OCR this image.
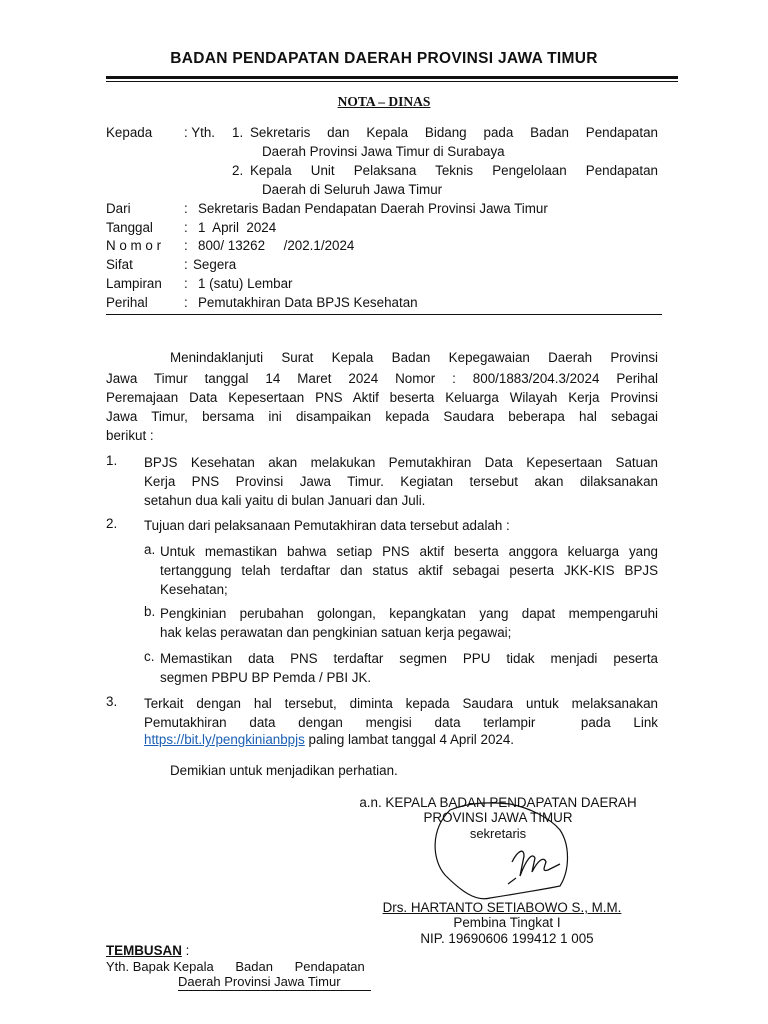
BADAN PENDAPATAN DAERAH PROVINSI JAWA TIMUR
NOTA – DINAS
Kepada : Yth. 1. Sekretaris dan Kepala Bidang pada Badan Pendapatan
Daerah Provinsi Jawa Timur di Surabaya
2. Kepala Unit Pelaksana Teknis Pengelolaan Pendapatan
Daerah di Seluruh Jawa Timur
Dari	: Sekretaris Badan Pendapatan Daerah Provinsi Jawa Timur
Tanggal : 1  April  2024
N o m o r : 800/ 13262     /202.1/2024
Sifat	: Segera
Lampiran : 1 (satu) Lembar
Perihal	: Pemutakhiran Data BPJS Kesehatan
Menindaklanjuti Surat Kepala Badan Kepegawaian Daerah Provinsi
Jawa Timur tanggal 14 Maret 2024 Nomor : 800/1883/204.3/2024 Perihal
Peremajaan Data Kepesertaan PNS Aktif beserta Keluarga Wilayah Kerja Provinsi
Jawa Timur, bersama ini disampaikan kepada Saudara beberapa hal sebagai
berikut :
1. BPJS Kesehatan akan melakukan Pemutakhiran Data Kepesertaan Satuan
Kerja PNS Provinsi Jawa Timur. Kegiatan tersebut akan dilaksanakan
setahun dua kali yaitu di bulan Januari dan Juli.
2. Tujuan dari pelaksanaan Pemutakhiran data tersebut adalah :
a. Untuk memastikan bahwa setiap PNS aktif beserta anggora keluarga yang
tertanggung telah terdaftar dan status aktif sebagai peserta JKK-KIS BPJS
Kesehatan;
b. Pengkinian perubahan golongan, kepangkatan yang dapat mempengaruhi
hak kelas perawatan dan pengkinian satuan kerja pegawai;
c. Memastikan data PNS terdaftar segmen PPU tidak menjadi peserta
segmen PBPU BP Pemda / PBI JK.
3. Terkait dengan hal tersebut, diminta kepada Saudara untuk melaksanakan
Pemutakhiran data dengan mengisi data terlampir  pada Link
https://bit.ly/pengkinianbpjs paling lambat tanggal 4 April 2024.
Demikian untuk menjadikan perhatian.
a.n. KEPALA BADAN PENDAPATAN DAERAH
PROVINSI JAWA TIMUR
sekretaris
Drs. HARTANTO SETIABOWO S., M.M.
Pembina Tingkat I
NIP. 19690606 199412 1 005
TEMBUSAN :
Yth. Bapak Kepala      Badan      Pendapatan
Daerah Provinsi Jawa Timur
